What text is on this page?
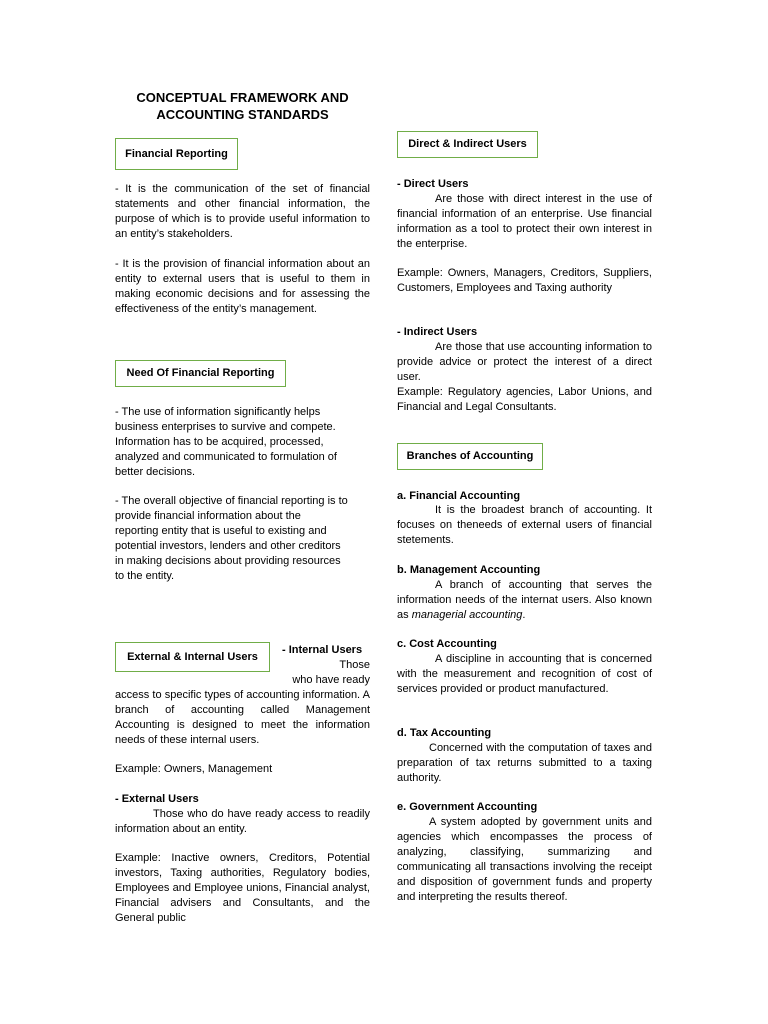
CONCEPTUAL FRAMEWORK AND
ACCOUNTING STANDARDS
Financial Reporting
- It is the communication of the set of financial statements and other financial information, the purpose of which is to provide useful information to an entity’s stakeholders.
- It is the provision of financial information about an entity to external users that is useful to them in making economic decisions and for assessing the effectiveness of the entity’s management.
Need Of Financial Reporting
- The use of information significantly helps
business enterprises to survive and compete.
Information has to be acquired, processed,
analyzed and communicated to formulation of
better decisions.
- The overall objective of financial reporting is to
provide financial information about the
reporting entity that is useful to existing and
potential investors, lenders and other creditors
in making decisions about providing resources
to the entity.
External & Internal Users
- Internal Users
Those
who have ready
access to specific types of accounting information. A branch of accounting called Management Accounting is designed to meet the information needs of these internal users.
Example: Owners, Management
- External Users
Those who do have ready access to readily information about an entity.
Example: Inactive owners, Creditors, Potential investors, Taxing authorities, Regulatory bodies, Employees and Employee unions, Financial analyst, Financial advisers and Consultants, and the General public
Direct & Indirect Users
- Direct Users
Are those with direct interest in the use of financial information of an enterprise. Use financial information as a tool to protect their own interest in the enterprise.
Example: Owners, Managers, Creditors, Suppliers, Customers, Employees and Taxing authority
- Indirect Users
Are those that use accounting information to provide advice or protect the interest of a direct user.
Example: Regulatory agencies, Labor Unions, and Financial and Legal Consultants.
Branches of Accounting
a. Financial Accounting
It is the broadest branch of accounting. It focuses on theneeds of external users of financial stetements.
b. Management Accounting
A branch of accounting that serves the information needs of the internat users. Also known as managerial accounting.
c. Cost Accounting
A discipline in accounting that is concerned with the measurement and recognition of cost of services provided or product manufactured.
d. Tax Accounting
Concerned with the computation of taxes and preparation of tax returns submitted to a taxing authority.
e. Government Accounting
A system adopted by government units and agencies which encompasses the process of analyzing, classifying, summarizing and communicating all transactions involving the receipt and disposition of government funds and property and interpreting the results thereof.
